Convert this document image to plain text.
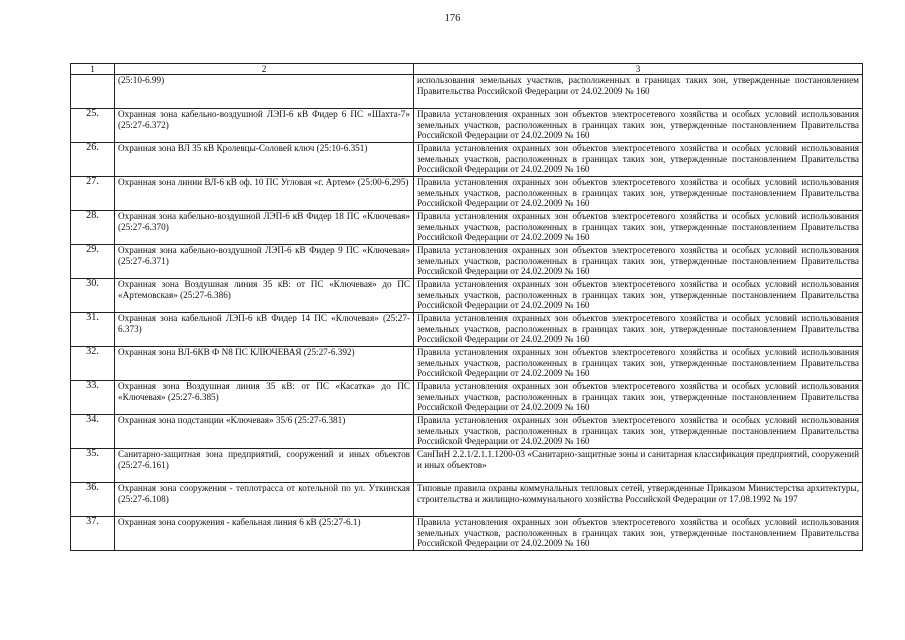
176
1	2	3
	(25:10-6.99)	использования земельных участков, расположенных в границах таких зон, утвержденные постановлением Правительства Российской Федерации от 24.02.2009 № 160
25.	Охранная зона кабельно-воздушной ЛЭП-6 кВ Фидер 6 ПС «Шахта-7» (25:27-6.372)	Правила установления охранных зон объектов электросетевого хозяйства и особых условий использования земельных участков, расположенных в границах таких зон, утвержденные постановлением Правительства Российской Федерации от 24.02.2009 № 160
26.	Охранная зона ВЛ 35 кВ Кролевцы-Соловей ключ (25:10-6.351)	Правила установления охранных зон объектов электросетевого хозяйства и особых условий использования земельных участков, расположенных в границах таких зон, утвержденные постановлением Правительства Российской Федерации от 24.02.2009 № 160
27.	Охранная зона линии ВЛ-6 кВ оф. 10 ПС Угловая «г. Артем» (25:00-6.295)	Правила установления охранных зон объектов электросетевого хозяйства и особых условий использования земельных участков, расположенных в границах таких зон, утвержденные постановлением Правительства Российской Федерации от 24.02.2009 № 160
28.	Охранная зона кабельно-воздушной ЛЭП-6 кВ Фидер 18 ПС «Ключевая» (25:27-6.370)	Правила установления охранных зон объектов электросетевого хозяйства и особых условий использования земельных участков, расположенных в границах таких зон, утвержденные постановлением Правительства Российской Федерации от 24.02.2009 № 160
29.	Охранная зона кабельно-воздушной ЛЭП-6 кВ Фидер 9 ПС «Ключевая» (25:27-6.371)	Правила установления охранных зон объектов электросетевого хозяйства и особых условий использования земельных участков, расположенных в границах таких зон, утвержденные постановлением Правительства Российской Федерации от 24.02.2009 № 160
30.	Охранная зона Воздушная линия 35 кВ: от ПС «Ключевая» до ПС «Артемовская» (25:27-6.386)	Правила установления охранных зон объектов электросетевого хозяйства и особых условий использования земельных участков, расположенных в границах таких зон, утвержденные постановлением Правительства Российской Федерации от 24.02.2009 № 160
31.	Охранная зона кабельной ЛЭП-6 кВ Фидер 14 ПС «Ключевая» (25:27-6.373)	Правила установления охранных зон объектов электросетевого хозяйства и особых условий использования земельных участков, расположенных в границах таких зон, утвержденные постановлением Правительства Российской Федерации от 24.02.2009 № 160
32.	Охранная зона ВЛ-6КВ Ф N8 ПС КЛЮЧЕВАЯ (25:27-6.392)	Правила установления охранных зон объектов электросетевого хозяйства и особых условий использования земельных участков, расположенных в границах таких зон, утвержденные постановлением Правительства Российской Федерации от 24.02.2009 № 160
33.	Охранная зона Воздушная линия 35 кВ: от ПС «Касатка» до ПС «Ключевая» (25:27-6.385)	Правила установления охранных зон объектов электросетевого хозяйства и особых условий использования земельных участков, расположенных в границах таких зон, утвержденные постановлением Правительства Российской Федерации от 24.02.2009 № 160
34.	Охранная зона подстанции «Ключевая» 35/6 (25:27-6.381)	Правила установления охранных зон объектов электросетевого хозяйства и особых условий использования земельных участков, расположенных в границах таких зон, утвержденные постановлением Правительства Российской Федерации от 24.02.2009 № 160
35.	Санитарно-защитная зона предприятий, сооружений и иных объектов (25:27-6.161)	СанПиН 2.2.1/2.1.1.1200-03 «Санитарно-защитные зоны и санитарная классификация предприятий, сооружений и иных объектов»
36.	Охранная зона сооружения - теплотрасса от котельной по ул. Уткинская (25:27-6.108)	Типовые правила охраны коммунальных тепловых сетей, утвержденные Приказом Министерства архитектуры, строительства и жилищно-коммунального хозяйства Российской Федерации от 17.08.1992 № 197
37.	Охранная зона сооружения - кабельная линия 6 кВ (25:27-6.1)	Правила установления охранных зон объектов электросетевого хозяйства и особых условий использования земельных участков, расположенных в границах таких зон, утвержденные постановлением Правительства Российской Федерации от 24.02.2009 № 160
